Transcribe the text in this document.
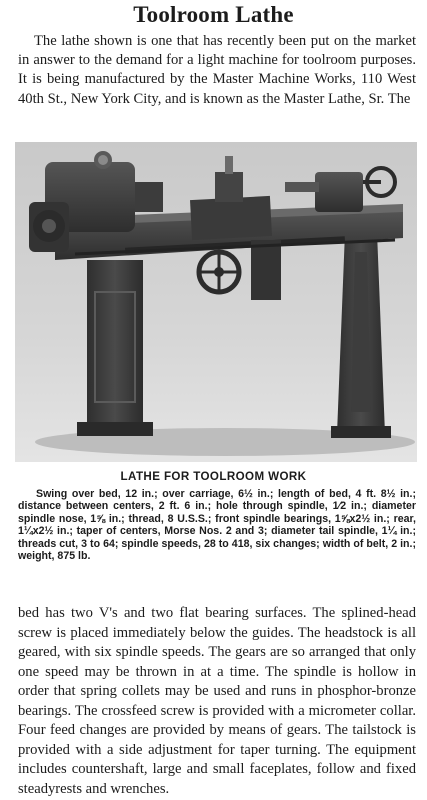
Toolroom Lathe

The lathe shown is one that has recently been put on the market in answer to the demand for a light machine for toolroom purposes. It is being manufactured by the Master Machine Works, 110 West 40th St., New York City, and is known as the Master Lathe, Sr. The

LATHE FOR TOOLROOM WORK

Swing over bed, 12 in.; over carriage, 6½ in.; length of bed, 4 ft. 8½ in.; distance between centers, 2 ft. 6 in.; hole through spindle, 1⁄2 in.; diameter spindle nose, 1⅝ in.; thread, 8 U.S.S.; front spindle bearings, 1⅝x2½ in.; rear, 1¼x2½ in.; taper of centers, Morse Nos. 2 and 3; diameter tail spindle, 1¼ in.; threads cut, 3 to 64; spindle speeds, 28 to 418, six changes; width of belt, 2 in.; weight, 875 lb.

bed has two V's and two flat bearing surfaces. The splined-head screw is placed immediately below the guides. The headstock is all geared, with six spindle speeds. The gears are so arranged that only one speed may be thrown in at a time. The spindle is hollow in order that spring collets may be used and runs in phosphor-bronze bearings. The crossfeed screw is provided with a micrometer collar. Four feed changes are provided by means of gears. The tailstock is provided with a side adjustment for taper turning. The equipment includes countershaft, large and small faceplates, follow and fixed steadyrests and wrenches.
